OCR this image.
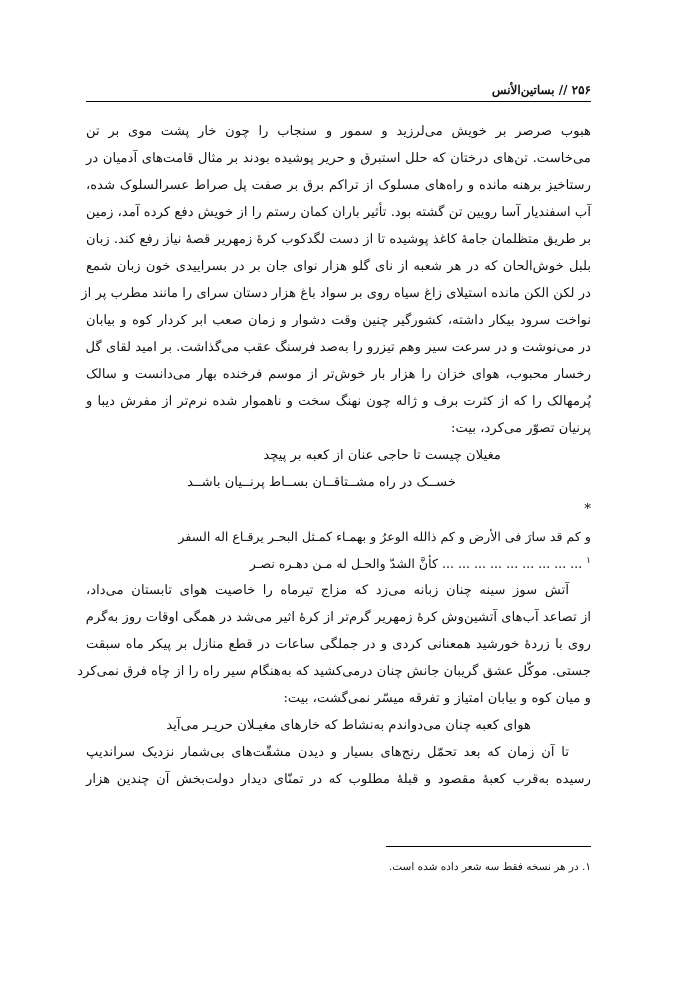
۲۵۶ // بساتین‌الأنس
هبوب صرصر بر خویش می‌لرزید و سمور و سنجاب را چون خار پشت موی بر تن
می‌خاست. تن‌های درختان که حلل استبرق و حریر پوشیده بودند بر مثال قامت‌های آدمیان در
رستاخیز برهنه مانده و راه‌های مسلوک از تراکم برق بر صفت پل صراط عسرالسلوک شده،
آب اسفندیار آسا رویین تن گشته بود. تأثیر باران کمان رستم را از خویش دفع کرده آمد، زمین
بر طریق متظلمان جامهٔ کاغذ پوشیده تا از دست لگدکوب کرهٔ زمهریر قصهٔ نیاز رفع کند. زبان
بلبل خوش‌الحان که در هر شعبه از نای گلو هزار نوای جان بر در بسراییدی خون زبان شمع
در لکن الکن مانده استیلای زاغ سیاه روی بر سواد باغ هزار دستان سرای را مانند مطرب پر از
نواخت سرود بیکار داشته، کشورگیر چنین وقت دشوار و زمان صعب ابر کردار کوه و بیابان
در می‌نوشت و در سرعت سیر وهم تیزرو را به‌صد فرسنگ عقب می‌گذاشت. بر امید لقای گل
رخسار محبوب، هوای خزان را هزار بار خوش‌تر از موسم فرخنده بهار می‌دانست و سالک
پُرمهالک را که از کثرت برف و ژاله چون نهنگ سخت و ناهموار شده نرم‌تر از مفرش دیبا و
پرنیان تصوّر می‌کرد، بیت:
مغیلان چیست تا حاجی عنان از کعبه بر پیچد
خســک در راه مشــتاقــان بســاط پرنــیان باشــد
*
و کم قد سارَ فی الأرض و کم ذالله الوعرُ و بهمـاء کمـثل البحـر یرقـاع اله السفر
$^۱$ ... ... ... ... ... ... ... ... ... کأنَّ الشدّ والحـل له مـن دهـره نصـر
آتش سوز سینه چنان زبانه می‌زد که مزاج تیرماه را خاصیت هوای تابستان می‌داد،
از تصاعد آب‌های آتشین‌وش کرهٔ زمهریر گرم‌تر از کرهٔ اثیر می‌شد در همگی اوقات روز به‌گرم
روی با زردهٔ خورشید همعنانی کردی و در جملگی ساعات در قطع منازل بر پیکر ماه سبقت
جستی. موکّل عشق گریبان جانش چنان درمی‌کشید که به‌هنگام سیر راه را از چاه فرق نمی‌کرد
و میان کوه و بیابان امتیاز و تفرقه میسّر نمی‌گشت، بیت:
هوای کعبه چنان می‌دواندم به‌نشاط که خارهای مغیـلان حریـر می‌آید
تا آن زمان که بعد تحمّل رنج‌های بسیار و دیدن مشقّت‌های بی‌شمار نزدیک سراندیپ
رسیده به‌قرب کعبهٔ مقصود و قبلهٔ مطلوب که در تمنّای دیدار دولت‌بخش آن چندین هزار
۱. در هر نسخه فقط سه شعر داده شده است.
